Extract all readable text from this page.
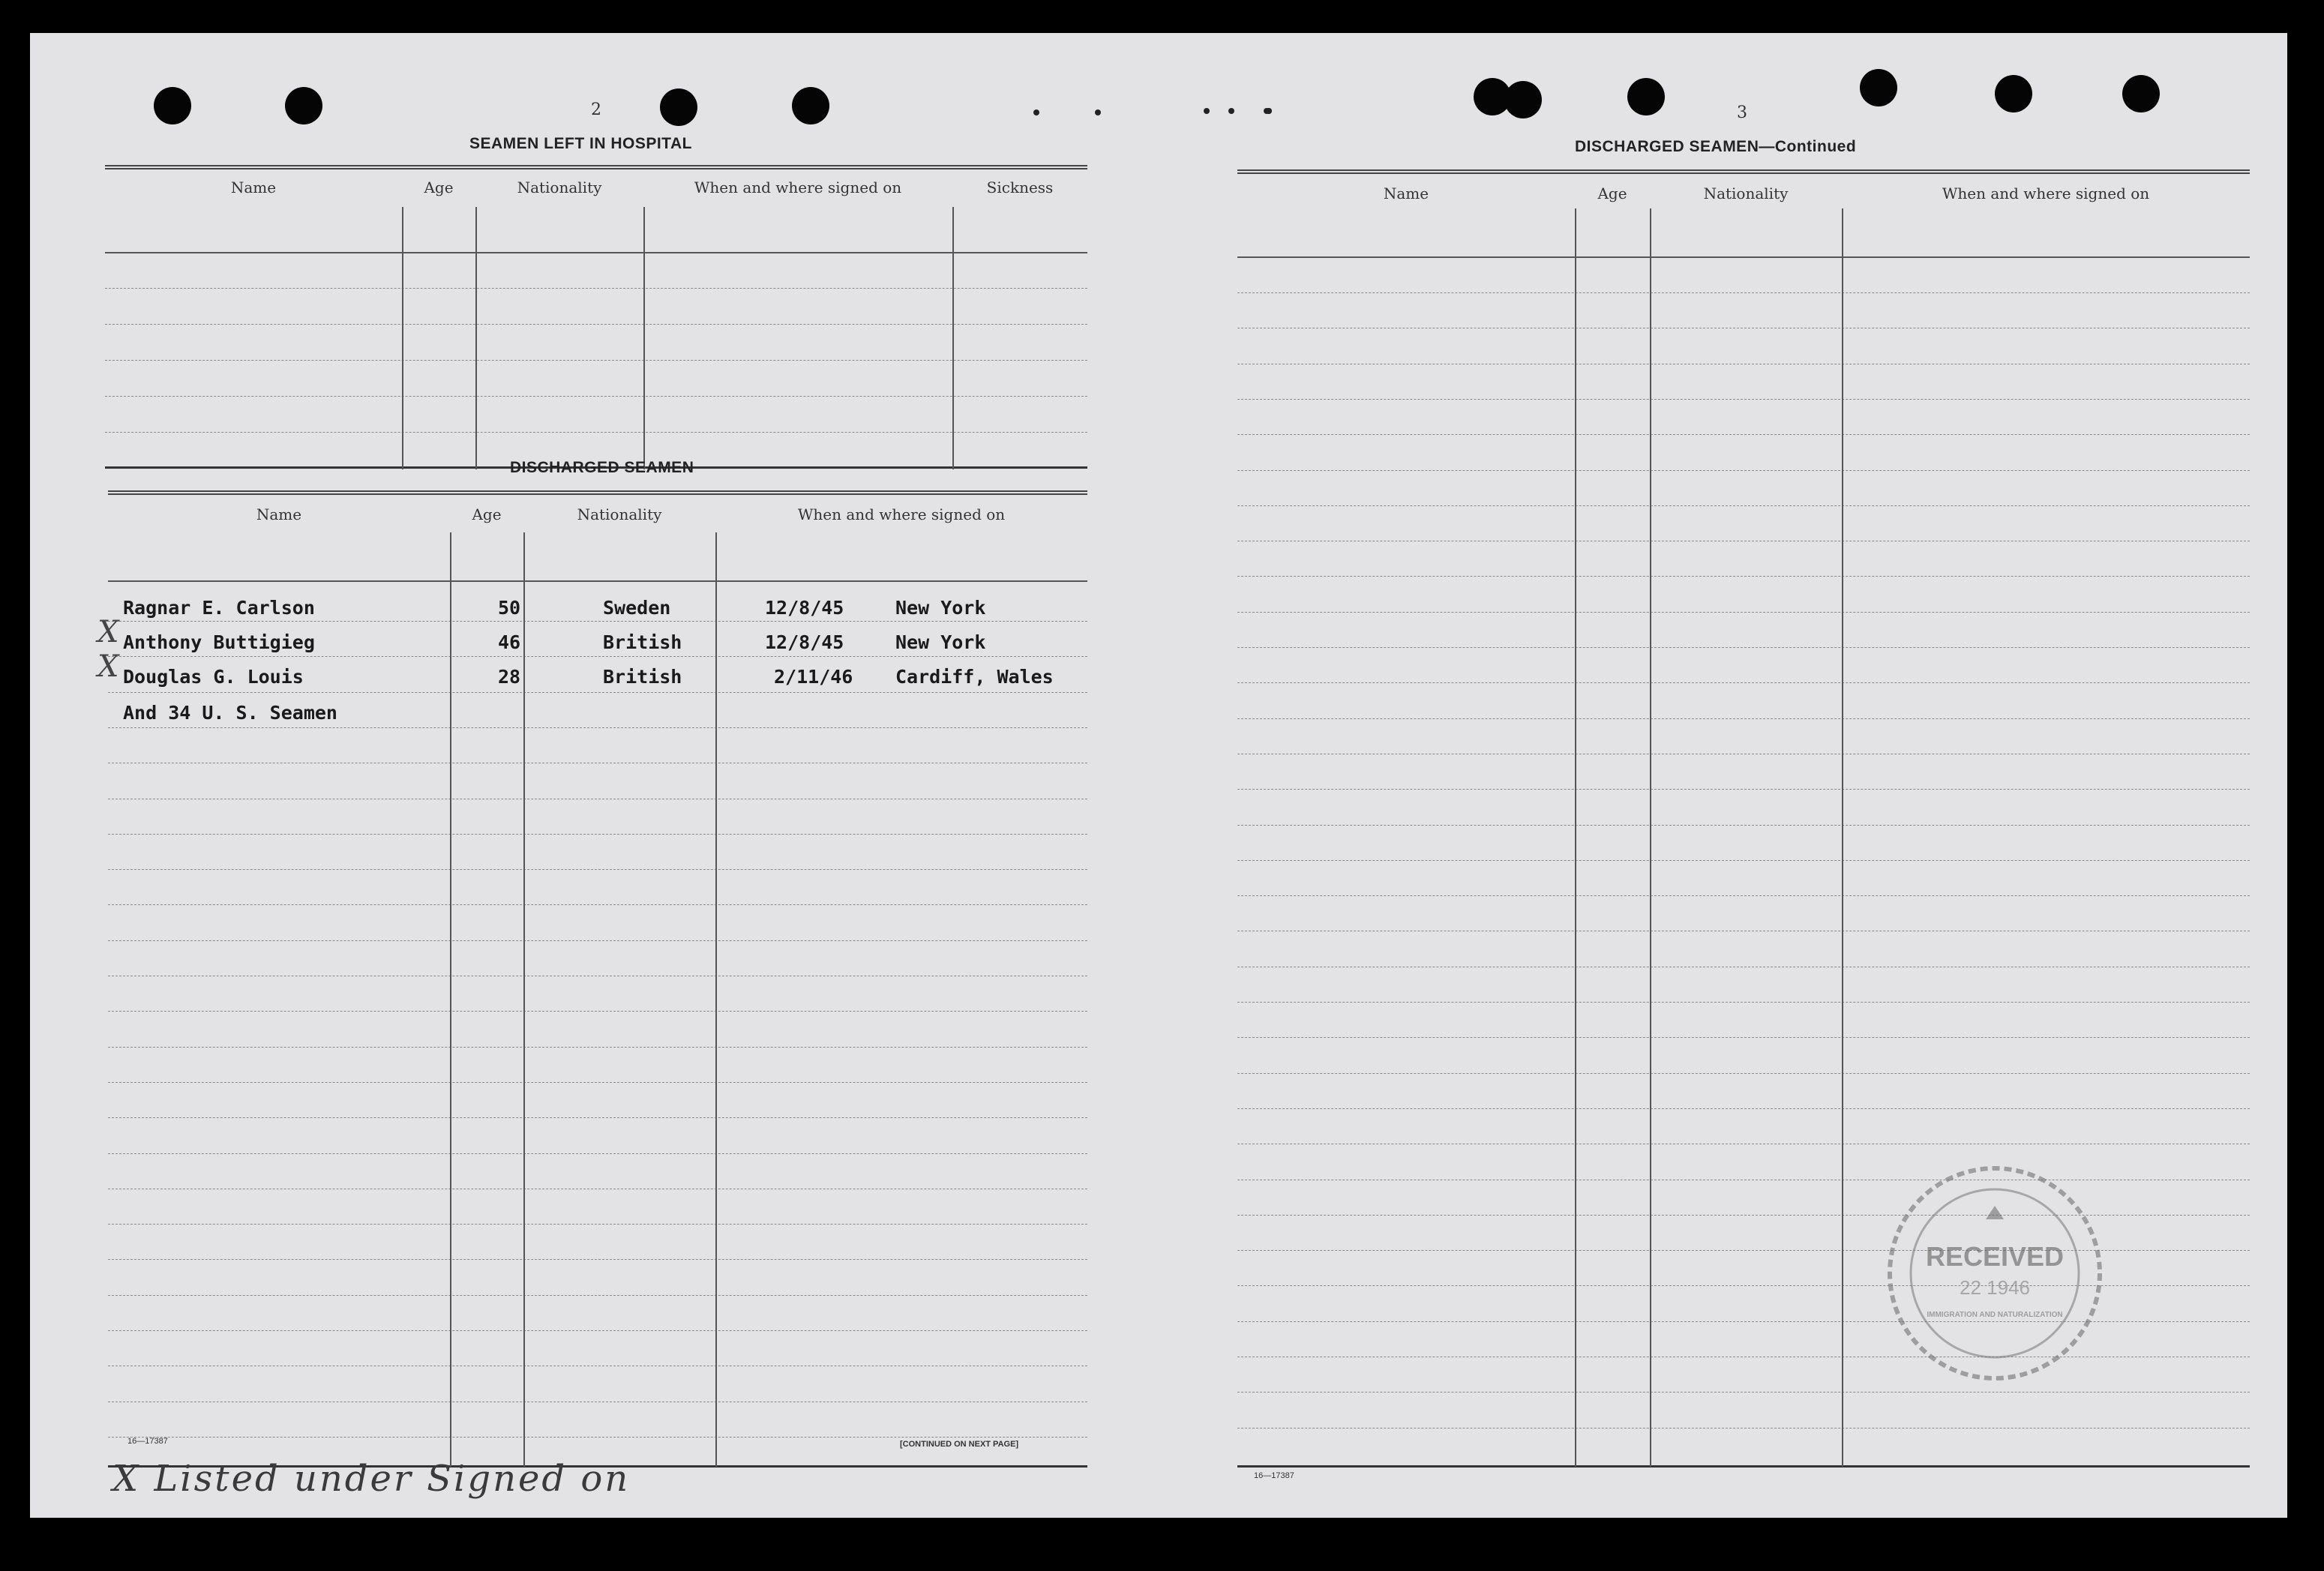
2
SEAMEN LEFT IN HOSPITAL
Name	Age	Nationality	When and where signed on	Sickness
DISCHARGED SEAMEN
Name	Age	Nationality	When and where signed on
X
X
Ragnar E. Carlson	50	Sweden	12/8/45	New York
Anthony Buttigieg	46	British	12/8/45	New York
Douglas G. Louis	28	British	2/11/46 Cardiff, Wales
And 34 U. S. Seamen
16—17387	[CONTINUED ON NEXT PAGE]
X Listed under Signed on
3
DISCHARGED SEAMEN—Continued
Name	Age	Nationality	When and where signed on
16—17387
RECEIVED
22 1946
IMMIGRATION AND NATURALIZATION
